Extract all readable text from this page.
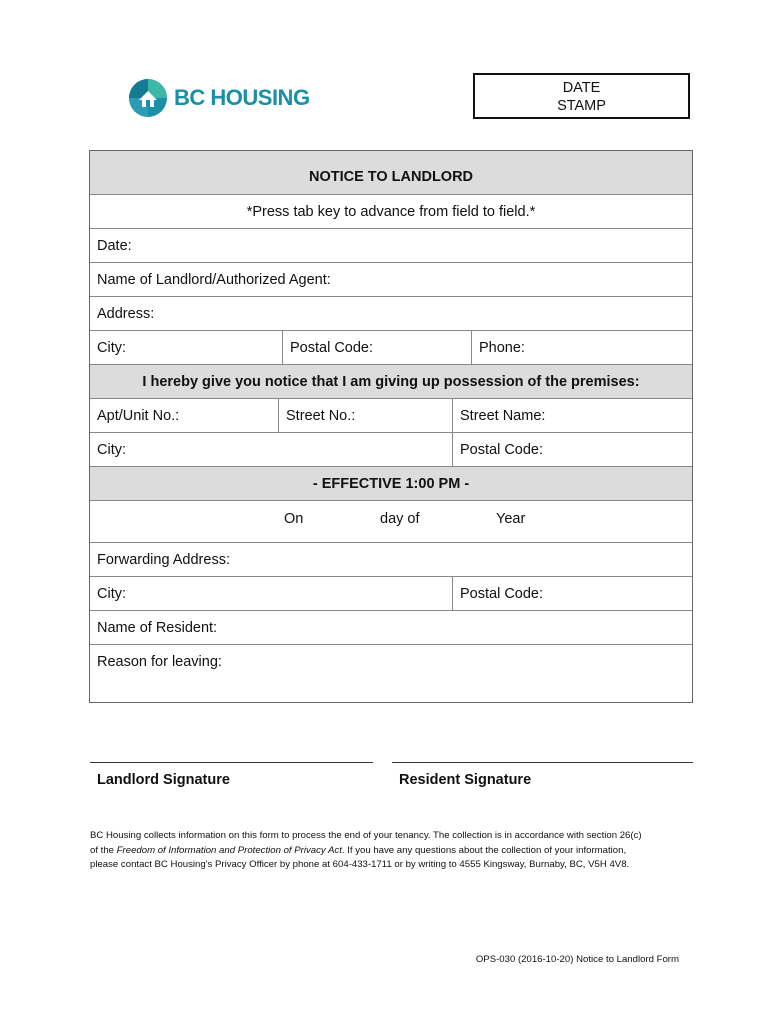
BC HOUSING	DATE
STAMP
NOTICE TO LANDLORD
*Press tab key to advance from field to field.*
Date:
Name of Landlord/Authorized Agent:
Address:
City:	Postal Code:	Phone:
I hereby give you notice that I am giving up possession of the premises:
Apt/Unit No.:	Street No.:	Street Name:
City:	Postal Code:
- EFFECTIVE 1:00 PM -
On	day of	Year
Forwarding Address:
City:	Postal Code:
Name of Resident:
Reason for leaving:
Landlord Signature	Resident Signature
BC Housing collects information on this form to process the end of your tenancy. The collection is in accordance with section 26(c)
of the Freedom of Information and Protection of Privacy Act. If you have any questions about the collection of your information,
please contact BC Housing's Privacy Officer by phone at 604-433-1711 or by writing to 4555 Kingsway, Burnaby, BC, V5H 4V8.
OPS-030 (2016-10-20) Notice to Landlord Form
